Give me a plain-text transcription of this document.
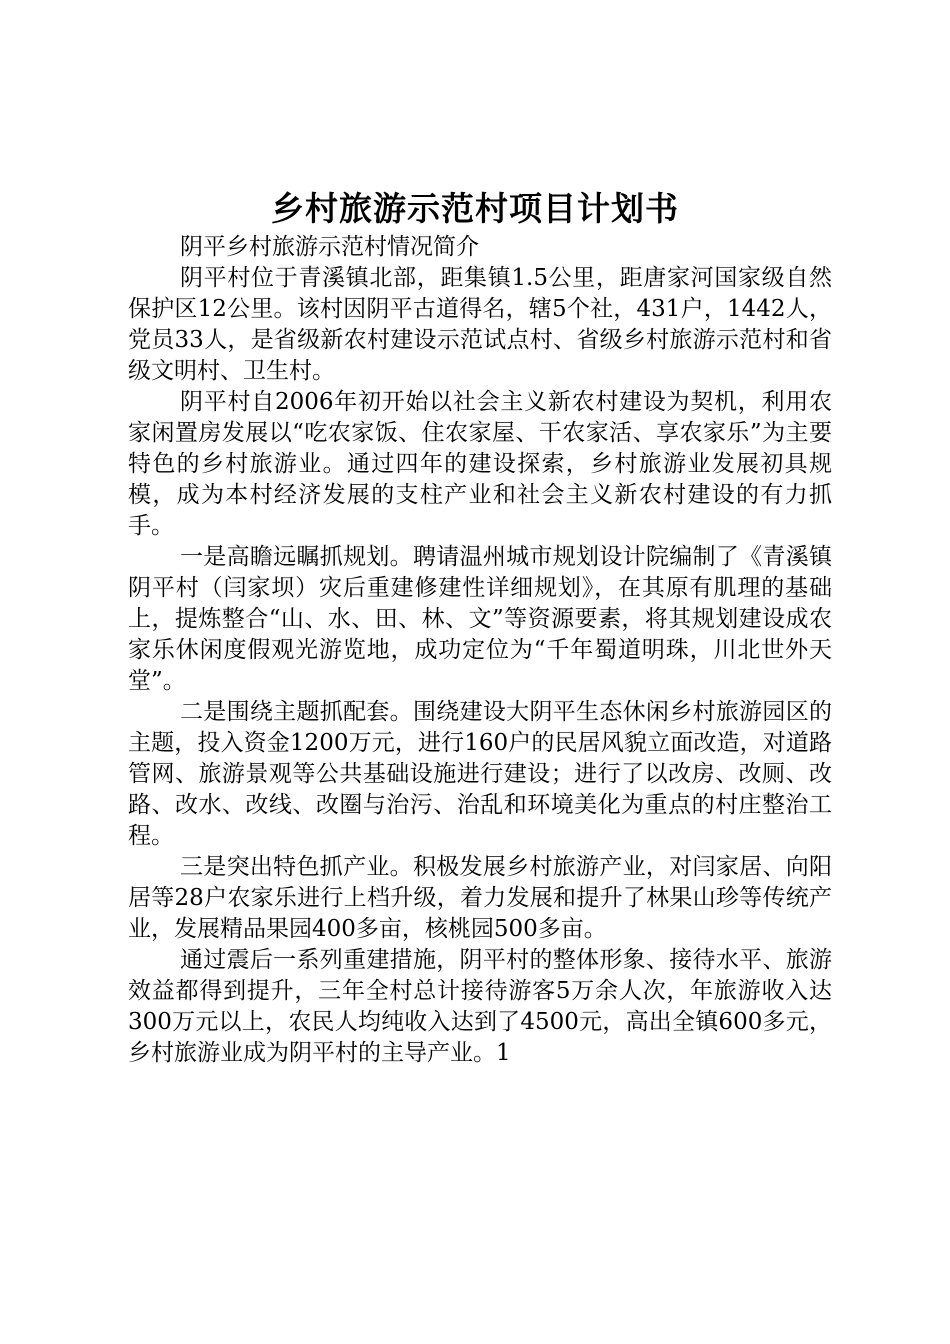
乡村旅游示范村项目计划书

阴平乡村旅游示范村情况简介

阴平村位于青溪镇北部，距集镇1.5公里，距唐家河国家级自然保护区12公里。该村因阴平古道得名，辖5个社，431户，1442人，党员33人，是省级新农村建设示范试点村、省级乡村旅游示范村和省级文明村、卫生村。

阴平村自2006年初开始以社会主义新农村建设为契机，利用农家闲置房发展以“吃农家饭、住农家屋、干农家活、享农家乐”为主要特色的乡村旅游业。通过四年的建设探索，乡村旅游业发展初具规模，成为本村经济发展的支柱产业和社会主义新农村建设的有力抓手。

一是高瞻远瞩抓规划。聘请温州城市规划设计院编制了《青溪镇阴平村（闫家坝）灾后重建修建性详细规划》，在其原有肌理的基础上，提炼整合“山、水、田、林、文”等资源要素，将其规划建设成农家乐休闲度假观光游览地，成功定位为“千年蜀道明珠，川北世外天堂”。

二是围绕主题抓配套。围绕建设大阴平生态休闲乡村旅游园区的主题，投入资金1200万元，进行160户的民居风貌立面改造，对道路管网、旅游景观等公共基础设施进行建设；进行了以改房、改厕、改路、改水、改线、改圈与治污、治乱和环境美化为重点的村庄整治工程。

三是突出特色抓产业。积极发展乡村旅游产业，对闫家居、向阳居等28户农家乐进行上档升级，着力发展和提升了林果山珍等传统产业，发展精品果园400多亩，核桃园500多亩。

通过震后一系列重建措施，阴平村的整体形象、接待水平、旅游效益都得到提升，三年全村总计接待游客5万余人次，年旅游收入达300万元以上，农民人均纯收入达到了4500元，高出全镇600多元，乡村旅游业成为阴平村的主导产业。1
